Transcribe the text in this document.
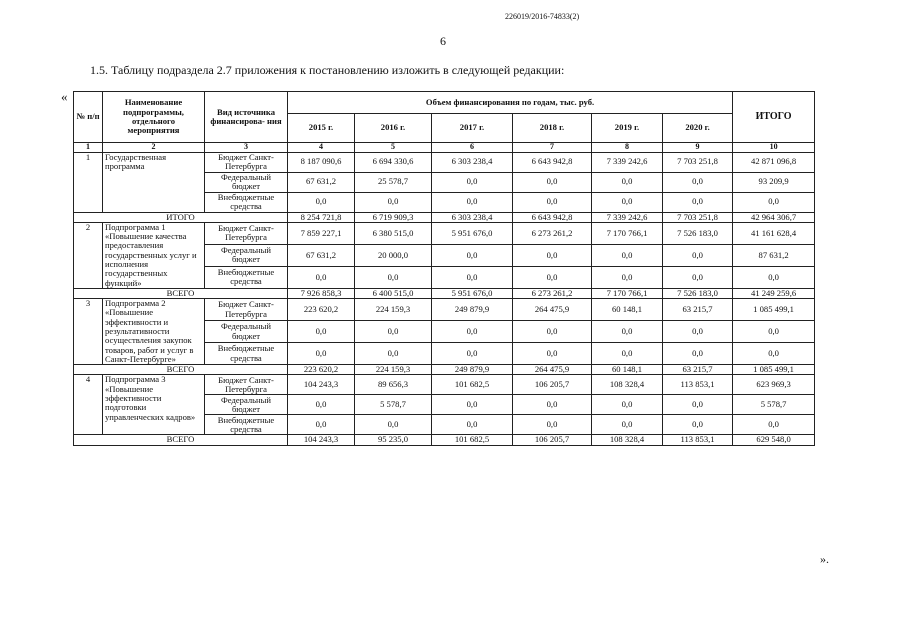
226019/2016-74833(2)
6
1.5. Таблицу подраздела 2.7 приложения к постановлению изложить в следующей редакции:
«
».
№ п/п	Наименование подпрограммы, отдельного мероприятия	Вид источника финансирова- ния	Объем финансирования по годам, тыс. руб.						ИТОГО
			2015 г.	2016 г.	2017 г.	2018 г.	2019 г.	2020 г.	
1	2	3	4	5	6	7	8	9	10
1	Государственная программа	Бюджет Санкт-Петербурга	8 187 090,6	6 694 330,6	6 303 238,4	6 643 942,8	7 339 242,6	7 703 251,8	42 871 096,8
		Федеральный бюджет	67 631,2	25 578,7	0,0	0,0	0,0	0,0	93 209,9
		Внебюджетные средства	0,0	0,0	0,0	0,0	0,0	0,0	0,0
ИТОГО			8 254 721,8	6 719 909,3	6 303 238,4	6 643 942,8	7 339 242,6	7 703 251,8	42 964 306,7
2	Подпрограмма 1 «Повышение качества предоставления государственных услуг и исполнения государственных функций»	Бюджет Санкт-Петербурга	7 859 227,1	6 380 515,0	5 951 676,0	6 273 261,2	7 170 766,1	7 526 183,0	41 161 628,4
		Федеральный бюджет	67 631,2	20 000,0	0,0	0,0	0,0	0,0	87 631,2
		Внебюджетные средства	0,0	0,0	0,0	0,0	0,0	0,0	0,0
ВСЕГО			7 926 858,3	6 400 515,0	5 951 676,0	6 273 261,2	7 170 766,1	7 526 183,0	41 249 259,6
3	Подпрограмма 2 «Повышение эффективности и результативности осуществления закупок товаров, работ и услуг в Санкт-Петербурге»	Бюджет Санкт-Петербурга	223 620,2	224 159,3	249 879,9	264 475,9	60 148,1	63 215,7	1 085 499,1
		Федеральный бюджет	0,0	0,0	0,0	0,0	0,0	0,0	0,0
		Внебюджетные средства	0,0	0,0	0,0	0,0	0,0	0,0	0,0
ВСЕГО			223 620,2	224 159,3	249 879,9	264 475,9	60 148,1	63 215,7	1 085 499,1
4	Подпрограмма 3 «Повышение эффективности подготовки управленческих кадров»	Бюджет Санкт-Петербурга	104 243,3	89 656,3	101 682,5	106 205,7	108 328,4	113 853,1	623 969,3
		Федеральный бюджет	0,0	5 578,7	0,0	0,0	0,0	0,0	5 578,7
		Внебюджетные средства	0,0	0,0	0,0	0,0	0,0	0,0	0,0
ВСЕГО			104 243,3	95 235,0	101 682,5	106 205,7	108 328,4	113 853,1	629 548,0
